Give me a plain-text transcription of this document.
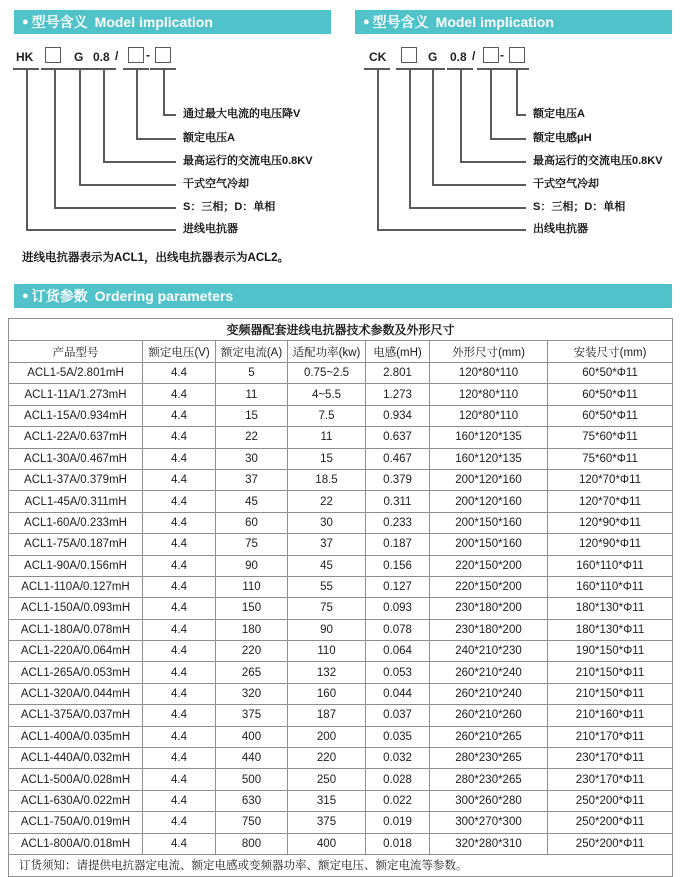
● 型号含义 Model implication	● 型号含义 Model implication
HK	G 0.8 / -
通过最大电流的电压降V
额定电压A
最高运行的交流电压0.8KV
干式空气冷却
S：三相；D：单相
进线电抗器
进线电抗器表示为ACL1，出线电抗器表示为ACL2。
CK	G 0.8 / -
额定电压A
额定电感μH
最高运行的交流电压0.8KV
干式空气冷却
S：三相；D：单相
出线电抗器
● 订货参数 Ordering parameters
变频器配套进线电抗器技术参数及外形尺寸						
产品型号	额定电压(V)	额定电流(A)	适配功率(kw)	电感(mH)	外形尺寸(mm)	安装尺寸(mm)
ACL1-5A/2.801mH	4.4	5	0.75~2.5	2.801	120*80*110	60*50*Φ11
ACL1-11A/1.273mH	4.4	11	4~5.5	1.273	120*80*110	60*50*Φ11
ACL1-15A/0.934mH	4.4	15	7.5	0.934	120*80*110	60*50*Φ11
ACL1-22A/0.637mH	4.4	22	11	0.637	160*120*135	75*60*Φ11
ACL1-30A/0.467mH	4.4	30	15	0.467	160*120*135	75*60*Φ11
ACL1-37A/0.379mH	4.4	37	18.5	0.379	200*120*160	120*70*Φ11
ACL1-45A/0.311mH	4.4	45	22	0.311	200*120*160	120*70*Φ11
ACL1-60A/0.233mH	4.4	60	30	0.233	200*150*160	120*90*Φ11
ACL1-75A/0.187mH	4.4	75	37	0.187	200*150*160	120*90*Φ11
ACL1-90A/0.156mH	4.4	90	45	0.156	220*150*200	160*110*Φ11
ACL1-110A/0.127mH	4.4	110	55	0.127	220*150*200	160*110*Φ11
ACL1-150A/0.093mH	4.4	150	75	0.093	230*180*200	180*130*Φ11
ACL1-180A/0.078mH	4.4	180	90	0.078	230*180*200	180*130*Φ11
ACL1-220A/0.064mH	4.4	220	110	0.064	240*210*230	190*150*Φ11
ACL1-265A/0.053mH	4.4	265	132	0.053	260*210*240	210*150*Φ11
ACL1-320A/0.044mH	4.4	320	160	0.044	260*210*240	210*150*Φ11
ACL1-375A/0.037mH	4.4	375	187	0.037	260*210*260	210*160*Φ11
ACL1-400A/0.035mH	4.4	400	200	0.035	260*210*265	210*170*Φ11
ACL1-440A/0.032mH	4.4	440	220	0.032	280*230*265	230*170*Φ11
ACL1-500A/0.028mH	4.4	500	250	0.028	280*230*265	230*170*Φ11
ACL1-630A/0.022mH	4.4	630	315	0.022	300*260*280	250*200*Φ11
ACL1-750A/0.019mH	4.4	750	375	0.019	300*270*300	250*200*Φ11
ACL1-800A/0.018mH	4.4	800	400	0.018	320*280*310	250*200*Φ11
订货须知：请提供电抗器定电流、额定电感或变频器功率、额定电压、额定电流等参数。						
